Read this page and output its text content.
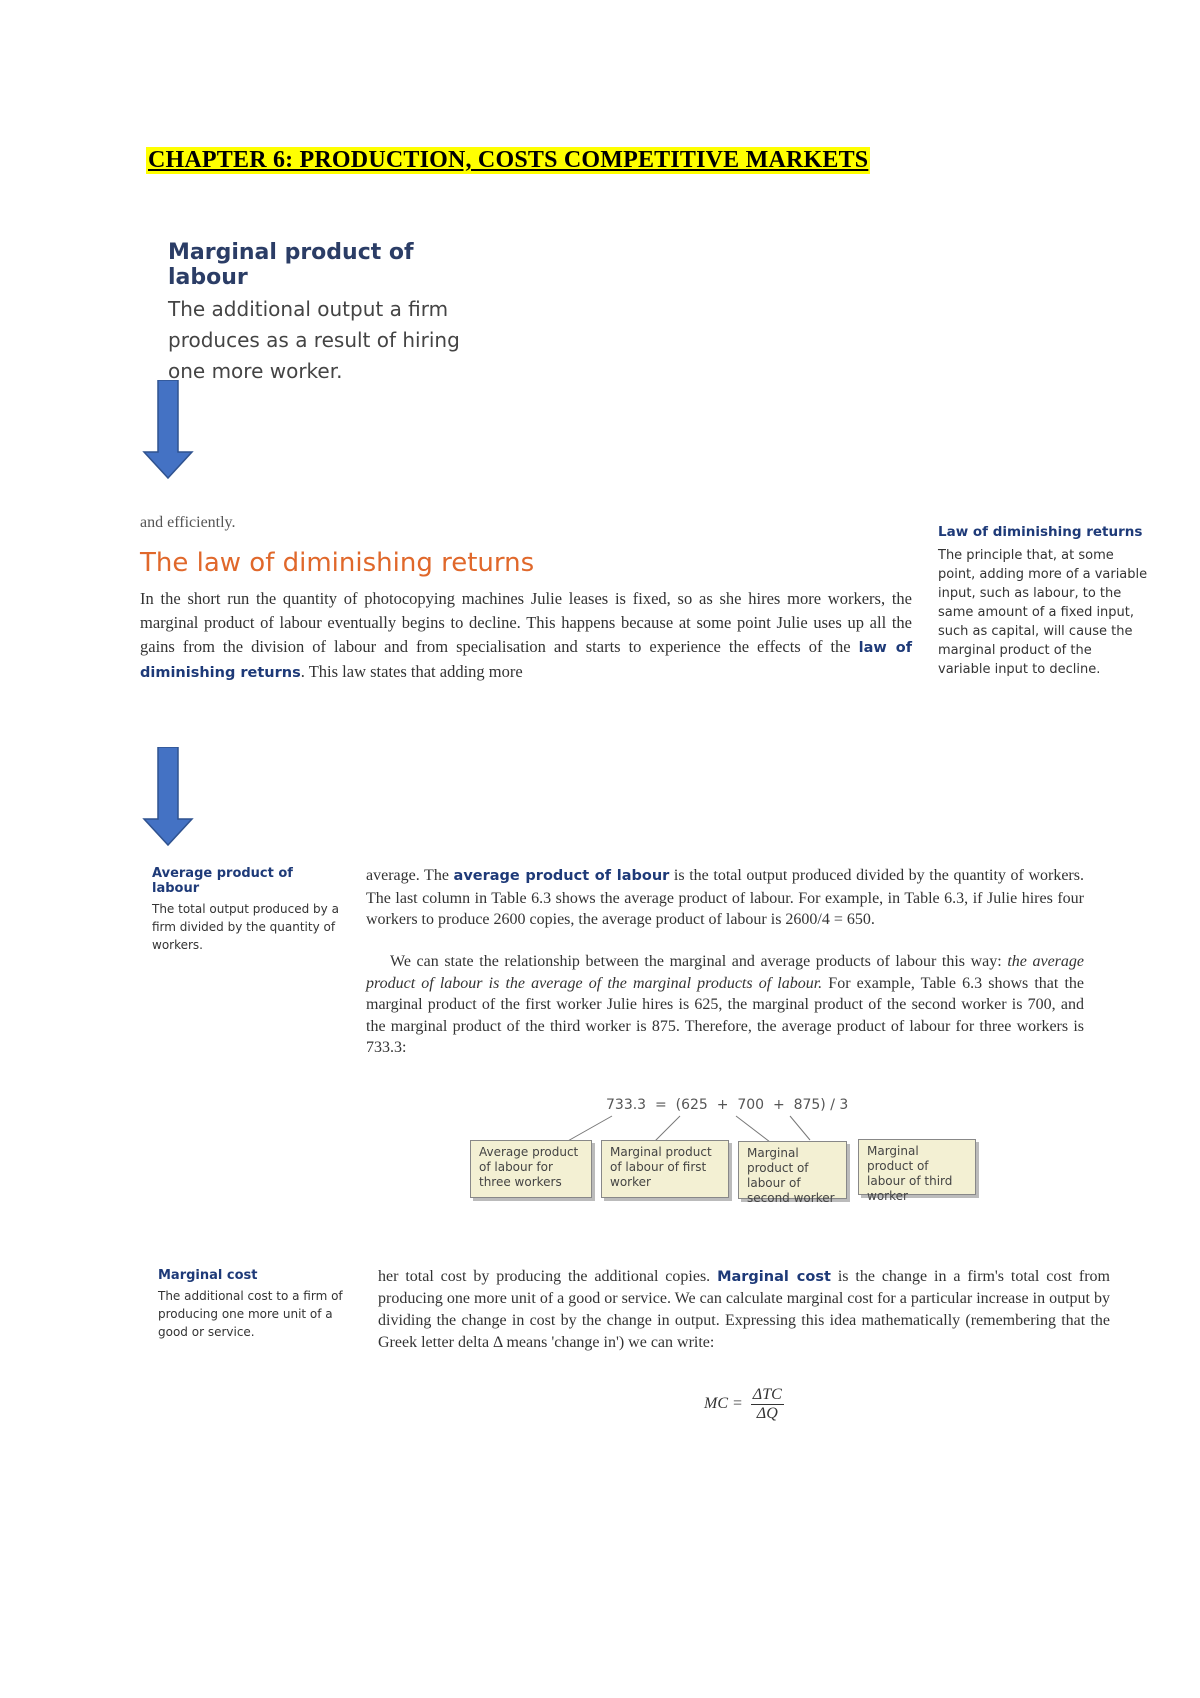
CHAPTER 6: PRODUCTION, COSTS COMPETITIVE MARKETS
Marginal product of labour
The additional output a firm produces as a result of hiring one more worker.
and efficiently.
The law of diminishing returns
In the short run the quantity of photocopying machines Julie leases is fixed, so as she hires more workers, the marginal product of labour eventually begins to decline. This happens because at some point Julie uses up all the gains from the division of labour and from specialisation and starts to experience the effects of the law of diminishing returns. This law states that adding more
Law of diminishing returns
The principle that, at some point, adding more of a variable input, such as labour, to the same amount of a fixed input, such as capital, will cause the marginal product of the variable input to decline.
Average product of labour
The total output produced by a firm divided by the quantity of workers.
average. The average product of labour is the total output produced divided by the quantity of workers. The last column in Table 6.3 shows the average product of labour. For example, in Table 6.3, if Julie hires four workers to produce 2600 copies, the average product of labour is 2600/4 = 650.
We can state the relationship between the marginal and average products of labour this way: the average product of labour is the average of the marginal products of labour. For example, Table 6.3 shows that the marginal product of the first worker Julie hires is 625, the marginal product of the second worker is 700, and the marginal product of the third worker is 875. Therefore, the average product of labour for three workers is 733.3:
733.3  =  (625  +  700  +  875) / 3
Average product of labour for three workers
Marginal product of labour of first worker
Marginal product of labour of second worker
Marginal product of labour of third worker
Marginal cost
The additional cost to a firm of producing one more unit of a good or service.
her total cost by producing the additional copies. Marginal cost is the change in a firm's total cost from producing one more unit of a good or service. We can calculate marginal cost for a particular increase in output by dividing the change in cost by the change in output. Expressing this idea mathematically (remembering that the Greek letter delta Δ means 'change in') we can write:
MC = $\frac{\text{ΔTC}}{\Delta Q}$
